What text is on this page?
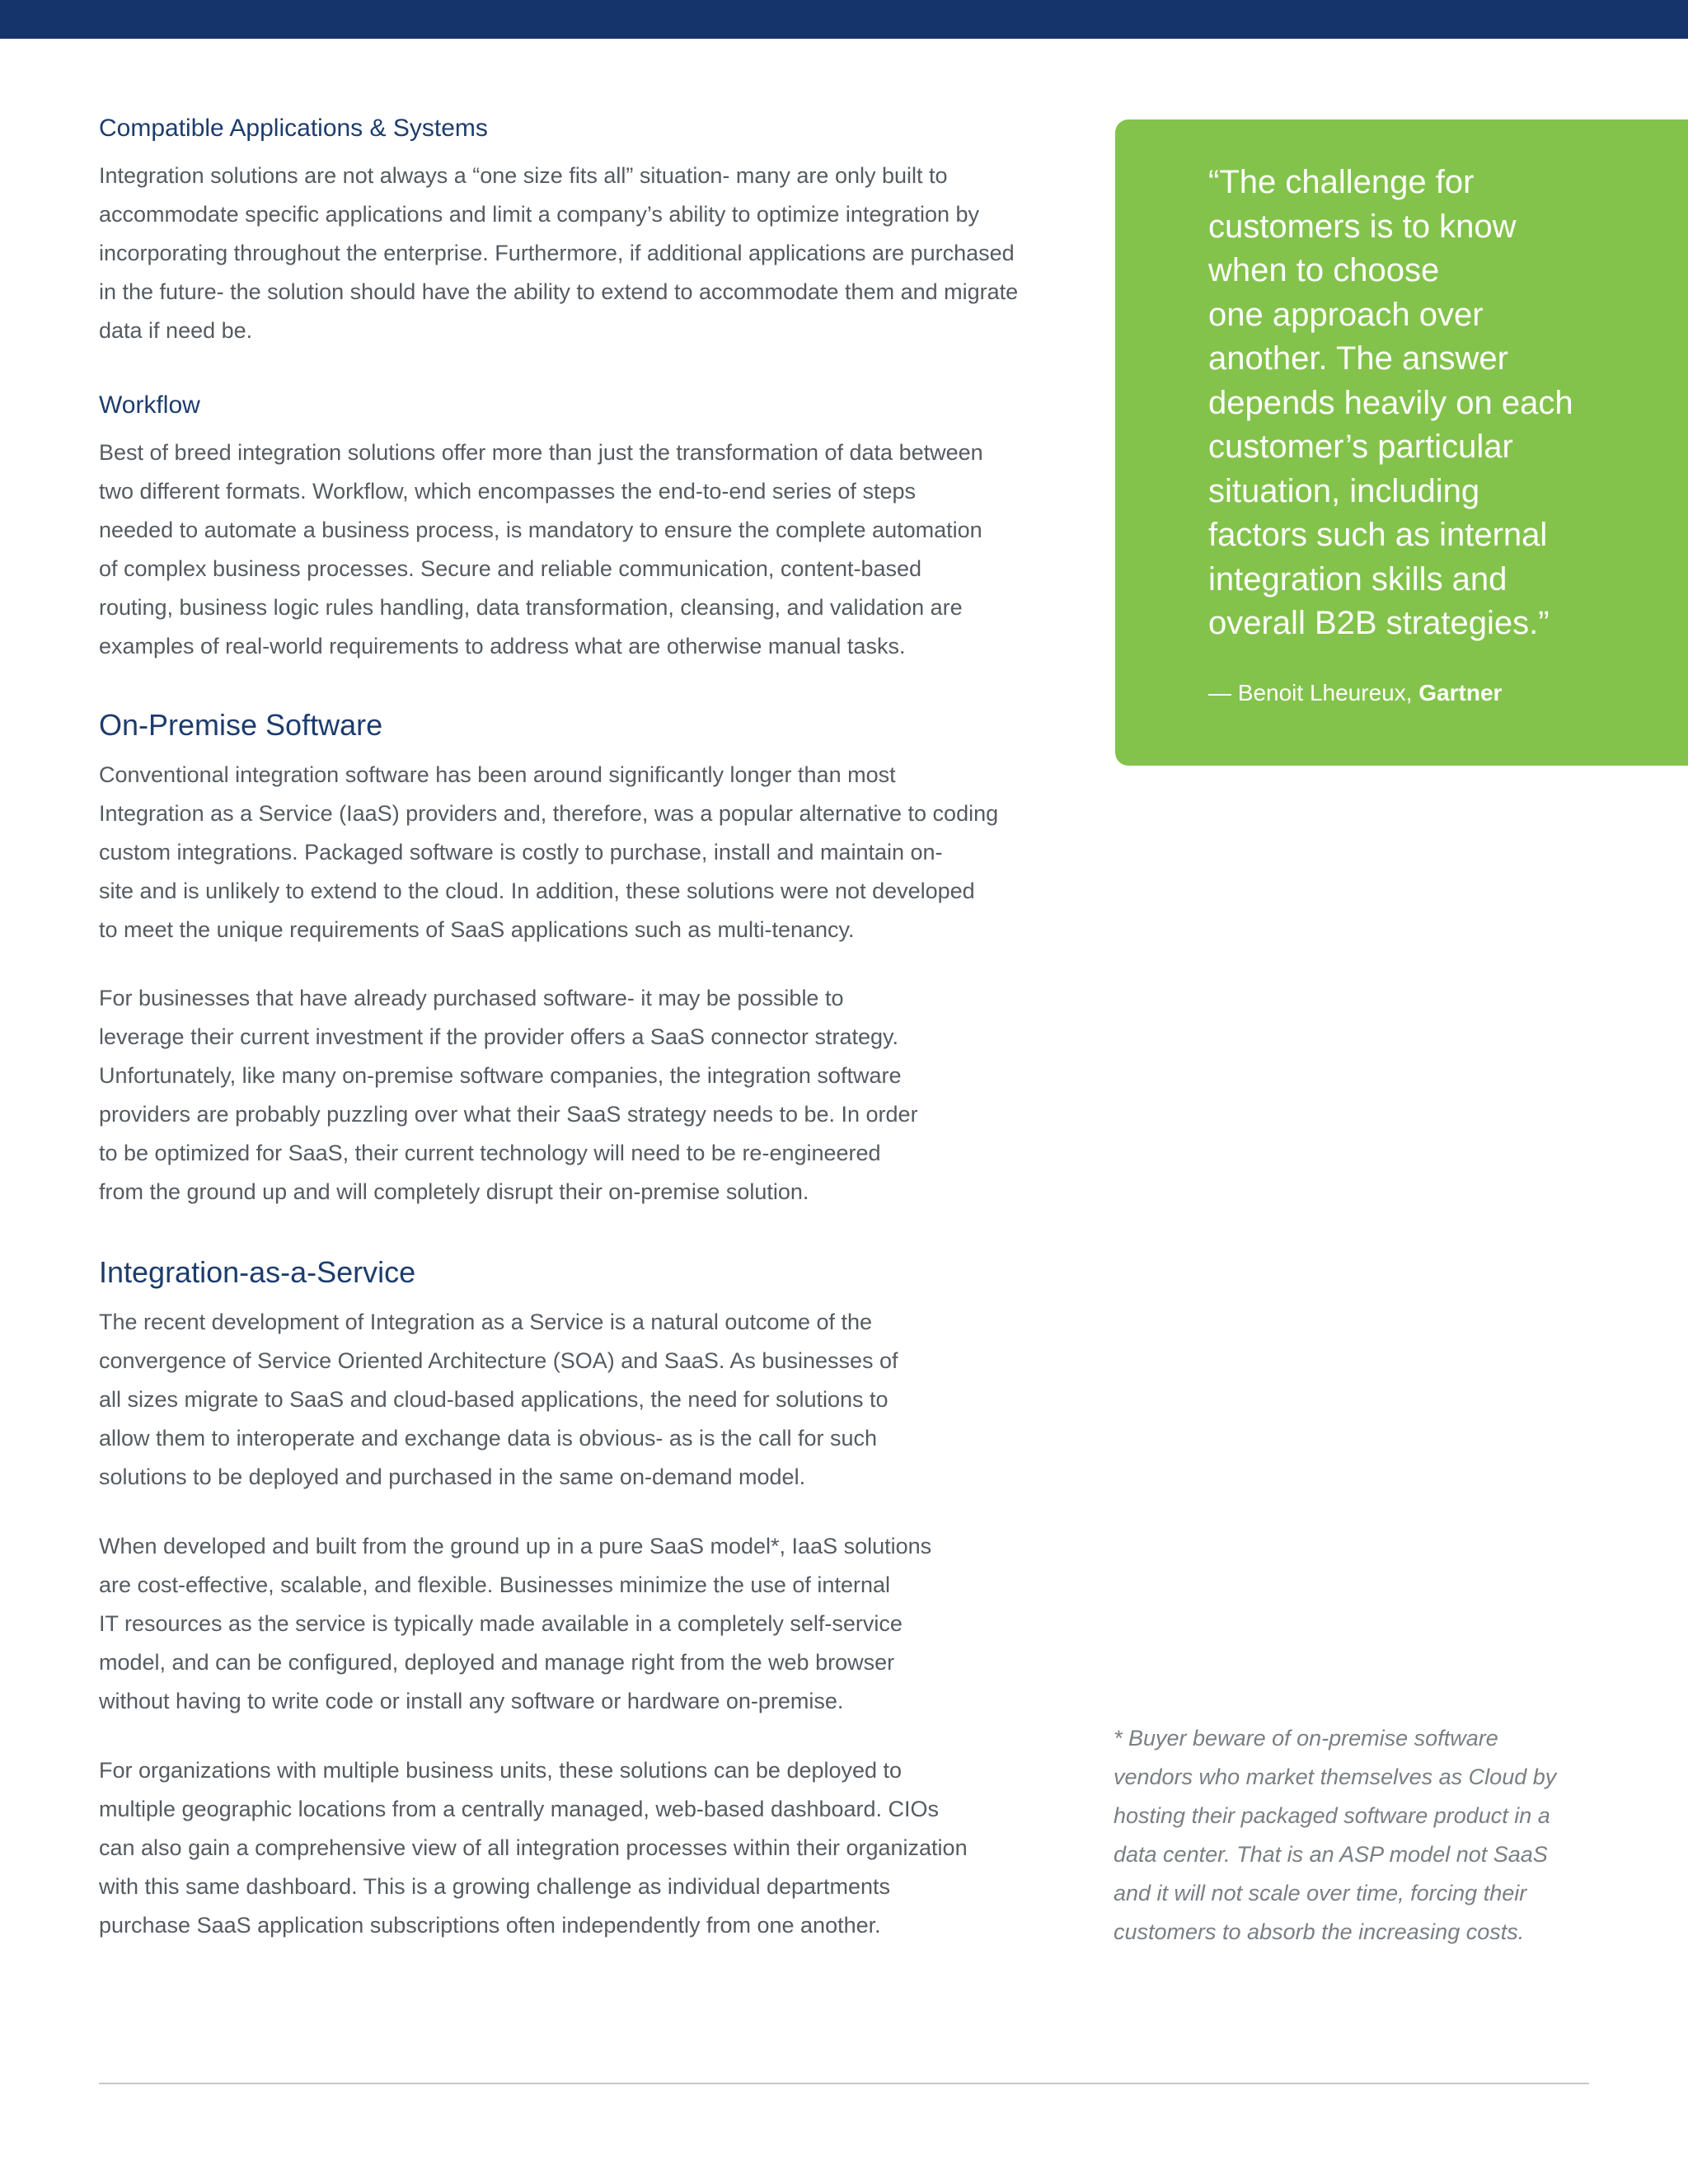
Compatible Applications & Systems

Integration solutions are not always a “one size fits all” situation- many are only built to
accommodate specific applications and limit a company’s ability to optimize integration by
incorporating throughout the enterprise. Furthermore, if additional applications are purchased
in the future- the solution should have the ability to extend to accommodate them and migrate
data if need be.

Workflow

Best of breed integration solutions offer more than just the transformation of data between
two different formats. Workflow, which encompasses the end-to-end series of steps
needed to automate a business process, is mandatory to ensure the complete automation
of complex business processes. Secure and reliable communication, content-based
routing, business logic rules handling, data transformation, cleansing, and validation are
examples of real-world requirements to address what are otherwise manual tasks.

On-Premise Software

Conventional integration software has been around significantly longer than most
Integration as a Service (IaaS) providers and, therefore, was a popular alternative to coding
custom integrations. Packaged software is costly to purchase, install and maintain on-
site and is unlikely to extend to the cloud. In addition, these solutions were not developed
to meet the unique requirements of SaaS applications such as multi-tenancy.

For businesses that have already purchased software- it may be possible to
leverage their current investment if the provider offers a SaaS connector strategy.
Unfortunately, like many on-premise software companies, the integration software
providers are probably puzzling over what their SaaS strategy needs to be. In order
to be optimized for SaaS, their current technology will need to be re-engineered
from the ground up and will completely disrupt their on-premise solution.

Integration-as-a-Service

The recent development of Integration as a Service is a natural outcome of the
convergence of Service Oriented Architecture (SOA) and SaaS. As businesses of
all sizes migrate to SaaS and cloud-based applications, the need for solutions to
allow them to interoperate and exchange data is obvious- as is the call for such
solutions to be deployed and purchased in the same on-demand model.

When developed and built from the ground up in a pure SaaS model*, IaaS solutions
are cost-effective, scalable, and flexible. Businesses minimize the use of internal
IT resources as the service is typically made available in a completely self-service
model, and can be configured, deployed and manage right from the web browser
without having to write code or install any software or hardware on-premise.

For organizations with multiple business units, these solutions can be deployed to
multiple geographic locations from a centrally managed, web-based dashboard. CIOs
can also gain a comprehensive view of all integration processes within their organization
with this same dashboard. This is a growing challenge as individual departments
purchase SaaS application subscriptions often independently from one another.

“The challenge for
customers is to know
when to choose
one approach over
another. The answer
depends heavily on each
customer’s particular
situation, including
factors such as internal
integration skills and
overall B2B strategies.”

— Benoit Lheureux, Gartner

* Buyer beware of on-premise software
vendors who market themselves as Cloud by
hosting their packaged software product in a
data center. That is an ASP model not SaaS
and it will not scale over time, forcing their
customers to absorb the increasing costs.
